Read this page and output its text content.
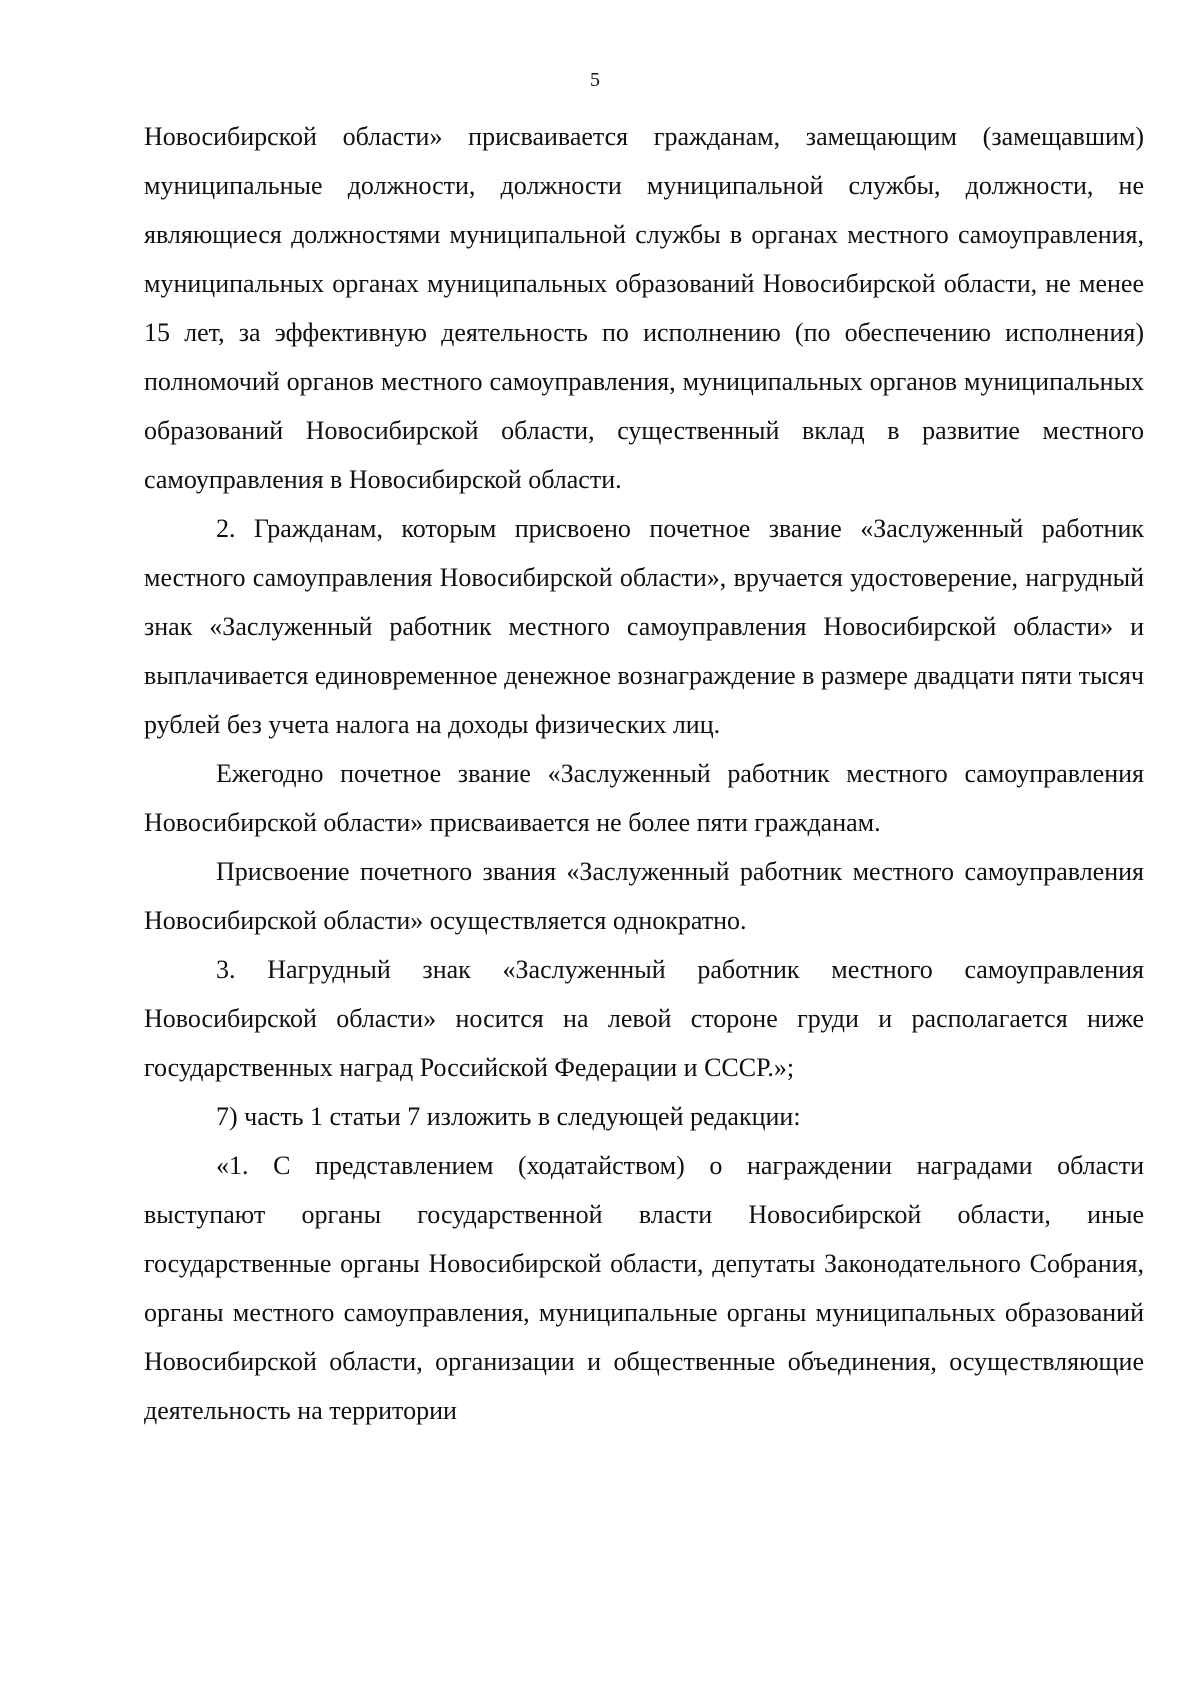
5

Новосибирской области» присваивается гражданам, замещающим (замещавшим) муниципальные должности, должности муниципальной службы, должности, не являющиеся должностями муниципальной службы в органах местного самоуправления, муниципальных органах муниципальных образований Новосибирской области, не менее 15 лет, за эффективную деятельность по исполнению (по обеспечению исполнения) полномочий органов местного самоуправления, муниципальных органов муниципальных образований Новосибирской области, существенный вклад в развитие местного самоуправления в Новосибирской области.

2. Гражданам, которым присвоено почетное звание «Заслуженный работник местного самоуправления Новосибирской области», вручается удостоверение, нагрудный знак «Заслуженный работник местного самоуправления Новосибирской области» и выплачивается единовременное денежное вознаграждение в размере двадцати пяти тысяч рублей без учета налога на доходы физических лиц.

Ежегодно почетное звание «Заслуженный работник местного самоуправления Новосибирской области» присваивается не более пяти гражданам.

Присвоение почетного звания «Заслуженный работник местного самоуправления Новосибирской области» осуществляется однократно.

3. Нагрудный знак «Заслуженный работник местного самоуправления Новосибирской области» носится на левой стороне груди и располагается ниже государственных наград Российской Федерации и СССР.»;

7) часть 1 статьи 7 изложить в следующей редакции:

«1. С представлением (ходатайством) о награждении наградами области выступают органы государственной власти Новосибирской области, иные государственные органы Новосибирской области, депутаты Законодательного Собрания, органы местного самоуправления, муниципальные органы муниципальных образований Новосибирской области, организации и общественные объединения, осуществляющие деятельность на территории
